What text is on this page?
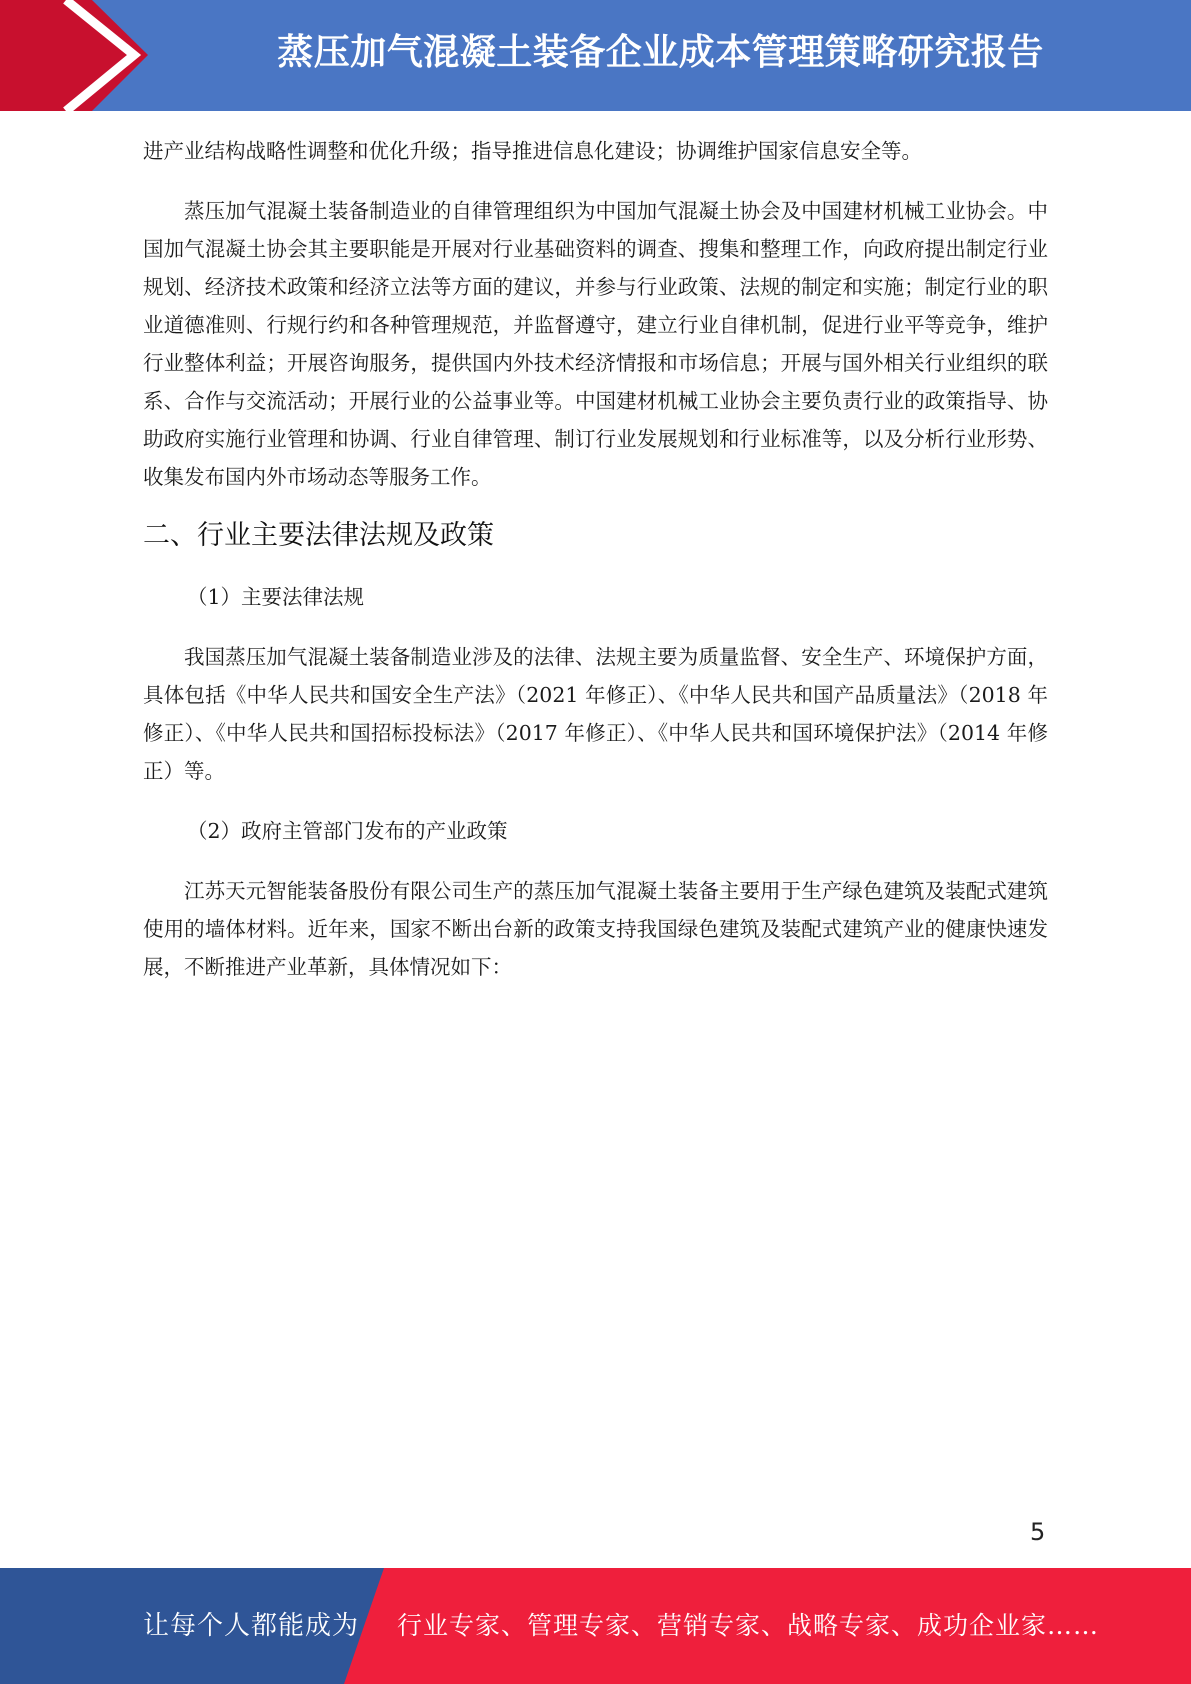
蒸压加气混凝土装备企业成本管理策略研究报告

进产业结构战略性调整和优化升级；指导推进信息化建设；协调维护国家信息安全等。

蒸压加气混凝土装备制造业的自律管理组织为中国加气混凝土协会及中国建材机械工业协会。中国加气混凝土协会其主要职能是开展对行业基础资料的调查、搜集和整理工作，向政府提出制定行业规划、经济技术政策和经济立法等方面的建议，并参与行业政策、法规的制定和实施；制定行业的职业道德准则、行规行约和各种管理规范，并监督遵守，建立行业自律机制，促进行业平等竞争，维护行业整体利益；开展咨询服务，提供国内外技术经济情报和市场信息；开展与国外相关行业组织的联系、合作与交流活动；开展行业的公益事业等。中国建材机械工业协会主要负责行业的政策指导、协助政府实施行业管理和协调、行业自律管理、制订行业发展规划和行业标准等，以及分析行业形势、收集发布国内外市场动态等服务工作。

二、行业主要法律法规及政策

（1）主要法律法规

我国蒸压加气混凝土装备制造业涉及的法律、法规主要为质量监督、安全生产、环境保护方面，具体包括《中华人民共和国安全生产法》（2021 年修正）、《中华人民共和国产品质量法》（2018 年修正）、《中华人民共和国招标投标法》（2017 年修正）、《中华人民共和国环境保护法》（2014 年修正）等。

（2）政府主管部门发布的产业政策

江苏天元智能装备股份有限公司生产的蒸压加气混凝土装备主要用于生产绿色建筑及装配式建筑使用的墙体材料。近年来，国家不断出台新的政策支持我国绿色建筑及装配式建筑产业的健康快速发展，不断推进产业革新，具体情况如下：

5
让每个人都能成为 行业专家、管理专家、营销专家、战略专家、成功企业家……
